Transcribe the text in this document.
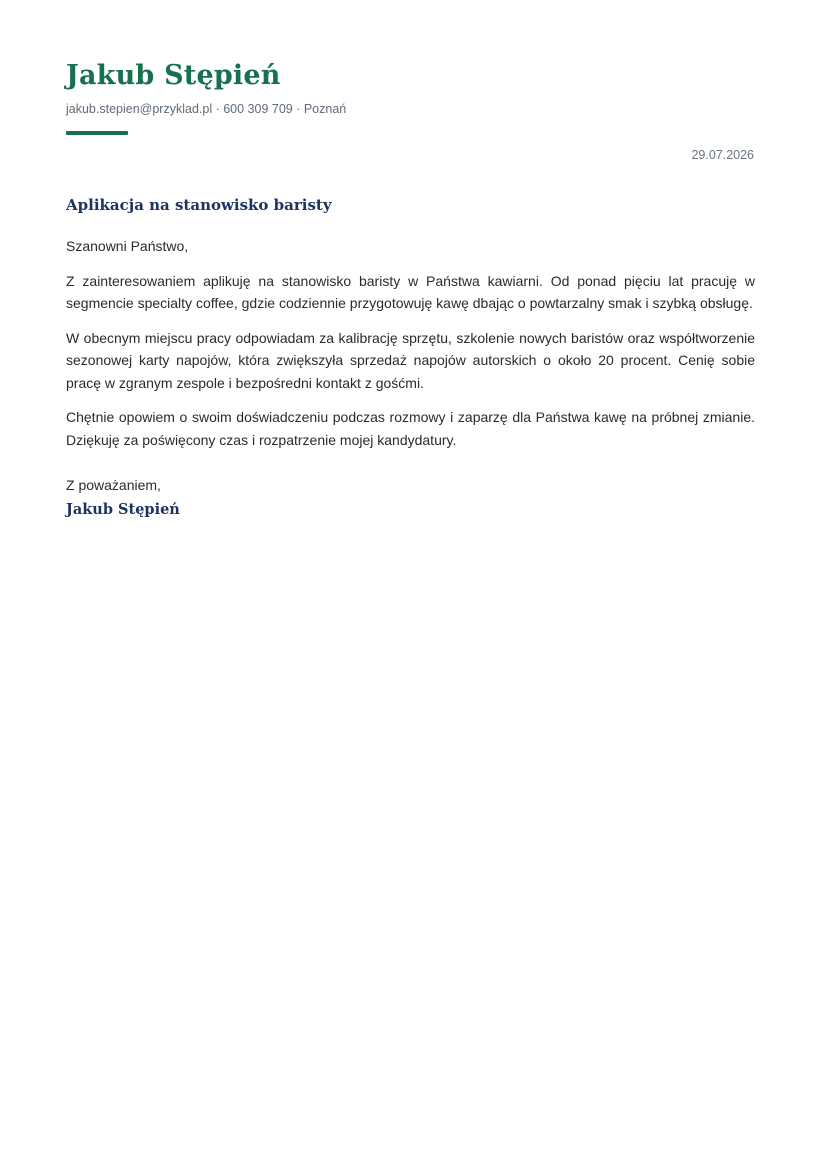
Jakub Stępień
jakub.stepien@przyklad.pl · 600 309 709 · Poznań
29.07.2026
Aplikacja na stanowisko baristy

Szanowni Państwo,

Z zainteresowaniem aplikuję na stanowisko baristy w Państwa kawiarni. Od ponad pięciu lat pracuję w segmencie specialty coffee, gdzie codziennie przygotowuję kawę dbając o powtarzalny smak i szybką obsługę.

W obecnym miejscu pracy odpowiadam za kalibrację sprzętu, szkolenie nowych baristów oraz współtworzenie sezonowej karty napojów, która zwiększyła sprzedaż napojów autorskich o około 20 procent. Cenię sobie pracę w zgranym zespole i bezpośredni kontakt z gośćmi.

Chętnie opowiem o swoim doświadczeniu podczas rozmowy i zaparzę dla Państwa kawę na próbnej zmianie. Dziękuję za poświęcony czas i rozpatrzenie mojej kandydatury.

Z poważaniem,
Jakub Stępień
